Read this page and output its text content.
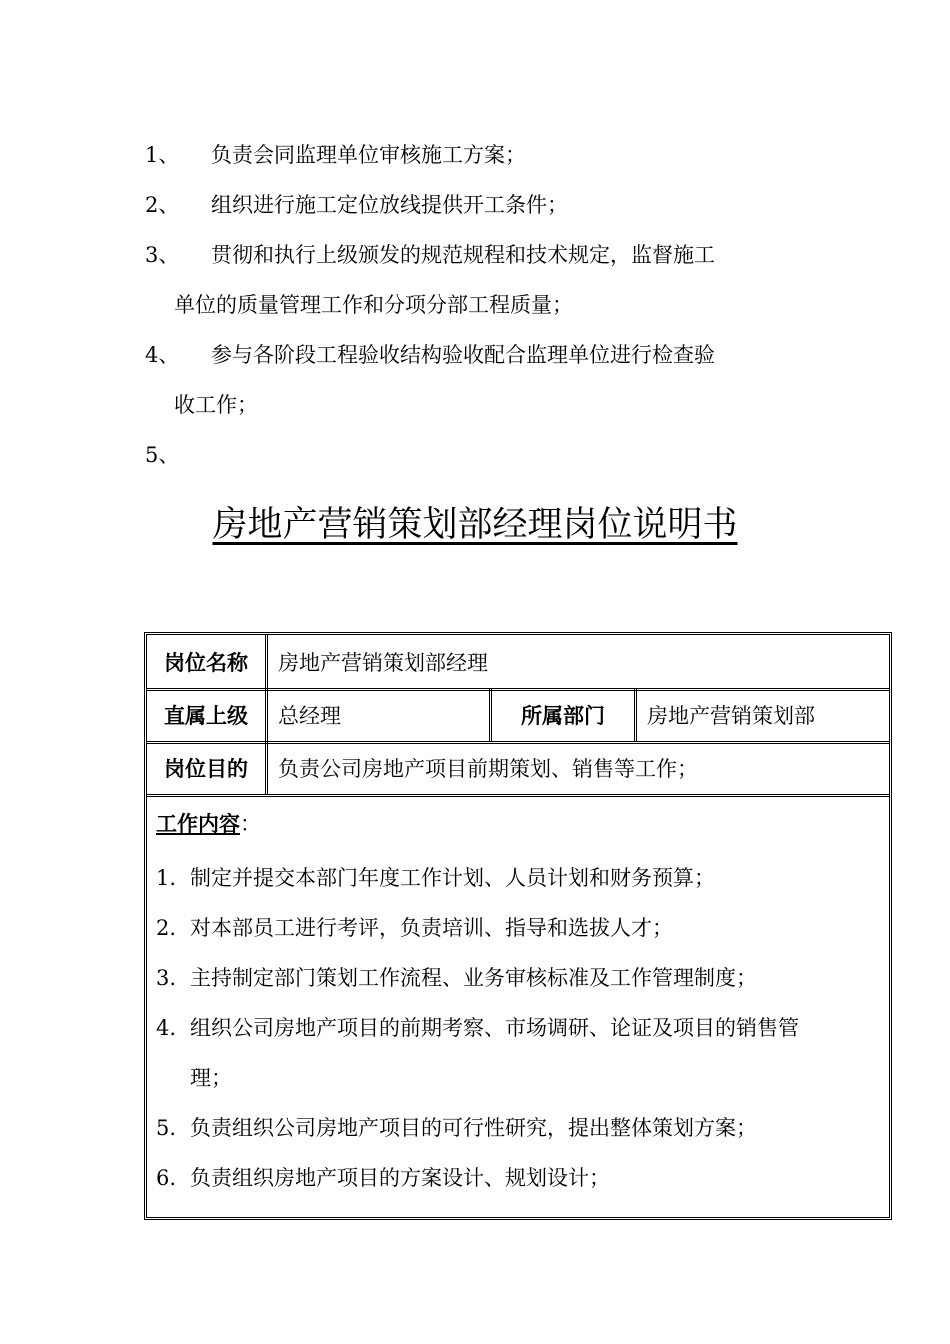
1、 负责会同监理单位审核施工方案；
2、 组织进行施工定位放线提供开工条件；
3、 贯彻和执行上级颁发的规范规程和技术规定，监督施工
单位的质量管理工作和分项分部工程质量；
4、 参与各阶段工程验收结构验收配合监理单位进行检查验
收工作；
5、
房地产营销策划部经理岗位说明书
岗位名称	房地产营销策划部经理
直属上级	总经理	所属部门	房地产营销策划部
岗位目的	负责公司房地产项目前期策划、销售等工作；
工作内容：
1. 制定并提交本部门年度工作计划、人员计划和财务预算；
2. 对本部员工进行考评，负责培训、指导和选拔人才；
3. 主持制定部门策划工作流程、业务审核标准及工作管理制度；
4. 组织公司房地产项目的前期考察、市场调研、论证及项目的销售管
理；
5. 负责组织公司房地产项目的可行性研究，提出整体策划方案；
6. 负责组织房地产项目的方案设计、规划设计；
